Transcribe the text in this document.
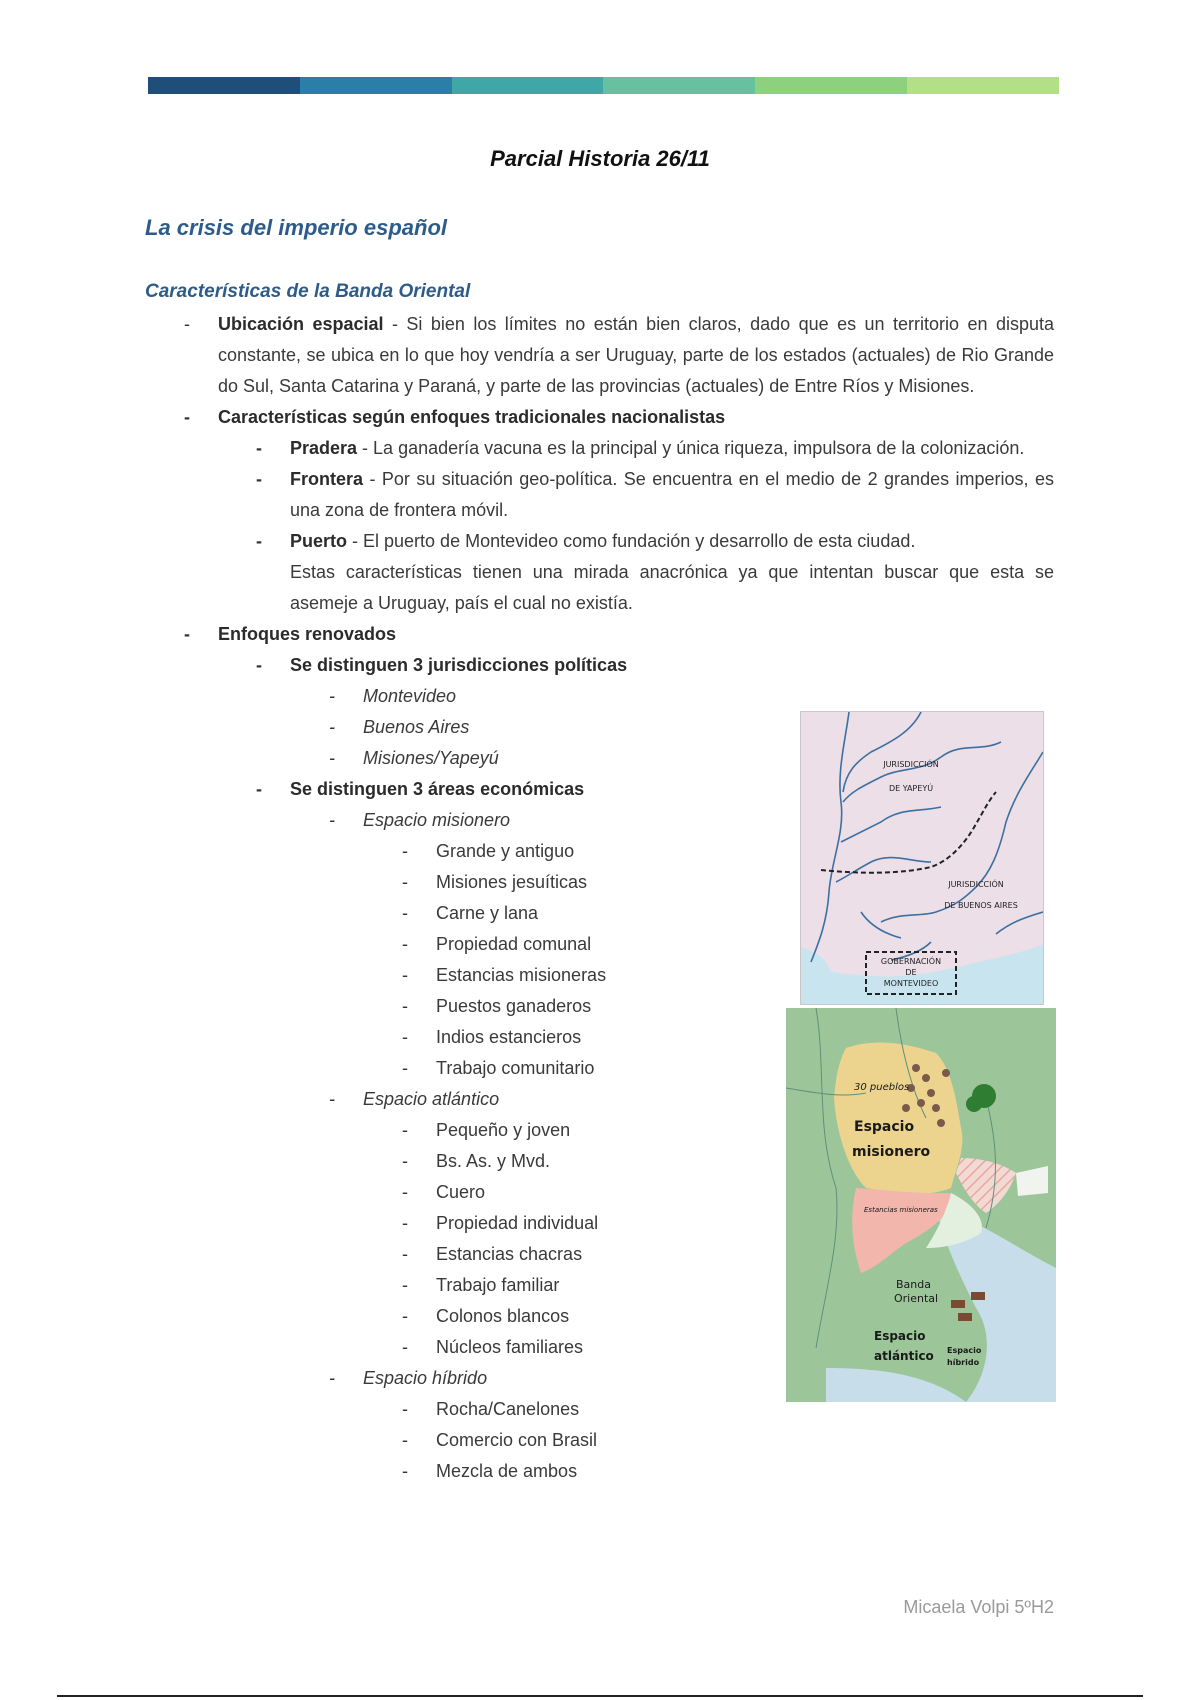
Parcial Historia 26/11
La crisis del imperio español
Características de la Banda Oriental
- Ubicación espacial - Si bien los límites no están bien claros, dado que es un territorio en disputa constante, se ubica en lo que hoy vendría a ser Uruguay, parte de los estados (actuales) de Rio Grande do Sul, Santa Catarina y Paraná, y parte de las provincias (actuales) de Entre Ríos y Misiones.
- Características según enfoques tradicionales nacionalistas
- Pradera - La ganadería vacuna es la principal y única riqueza, impulsora de la colonización.
- Frontera - Por su situación geo-política. Se encuentra en el medio de 2 grandes imperios, es una zona de frontera móvil.
- Puerto - El puerto de Montevideo como fundación y desarrollo de esta ciudad.
Estas características tienen una mirada anacrónica ya que intentan buscar que esta se asemeje a Uruguay, país el cual no existía.
- Enfoques renovados
- Se distinguen 3 jurisdicciones políticas
- Montevideo
- Buenos Aires
- Misiones/Yapeyú
- Se distinguen 3 áreas económicas
- Espacio misionero
- Grande y antiguo
- Misiones jesuíticas
- Carne y lana
- Propiedad comunal
- Estancias misioneras
- Puestos ganaderos
- Indios estancieros
- Trabajo comunitario
- Espacio atlántico
- Pequeño y joven
- Bs. As. y Mvd.
- Cuero
- Propiedad individual
- Estancias chacras
- Trabajo familiar
- Colonos blancos
- Núcleos familiares
- Espacio híbrido
- Rocha/Canelones
- Comercio con Brasil
- Mezcla de ambos
JURISDICCIÓN
DE YAPEYÚ
JURISDICCIÓN
DE BUENOS AIRES
GOBERNACIÓN
DE
MONTEVIDEO
30 pueblos
Espacio
misionero
Estancias misioneras
Banda
Oriental
Espacio
atlántico Espacio
híbrido
Micaela Volpi 5ºH2
